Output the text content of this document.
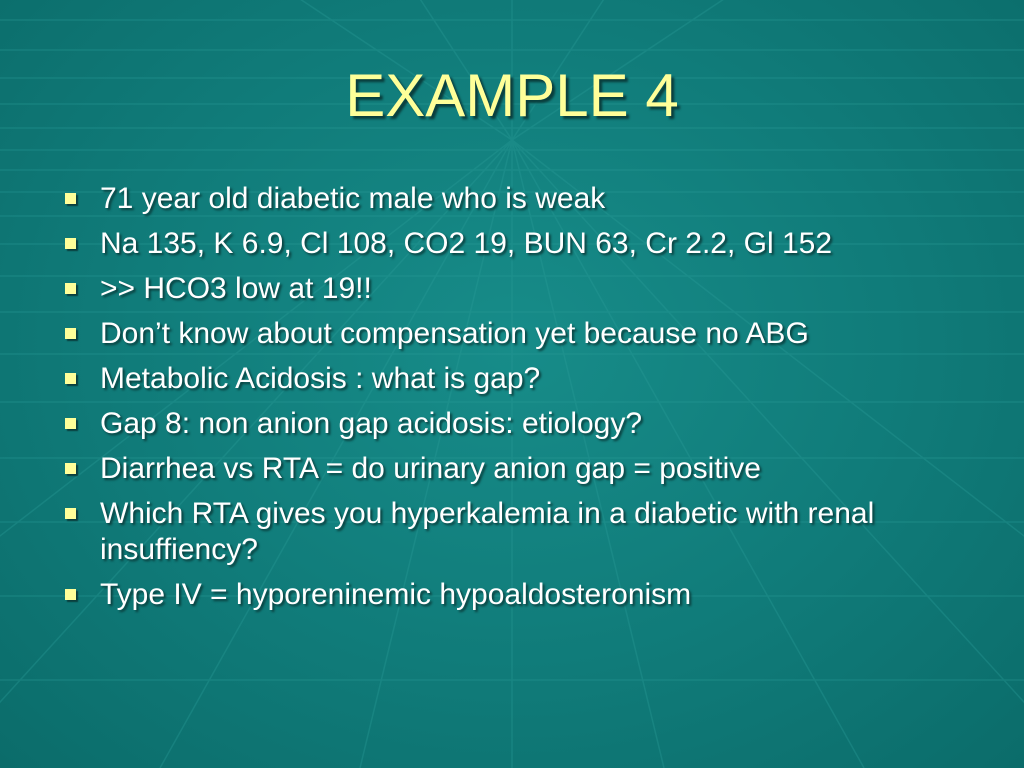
EXAMPLE 4
71 year old diabetic male who is weak
Na 135, K 6.9, Cl 108, CO2 19, BUN 63, Cr 2.2, Gl 152
>> HCO3 low at 19!!
Don’t know about compensation yet because no ABG
Metabolic Acidosis : what is gap?
Gap 8: non anion gap acidosis: etiology?
Diarrhea vs RTA = do urinary anion gap = positive
Which RTA gives you hyperkalemia in a diabetic with renal insuffiency?
Type IV = hyporeninemic hypoaldosteronism
